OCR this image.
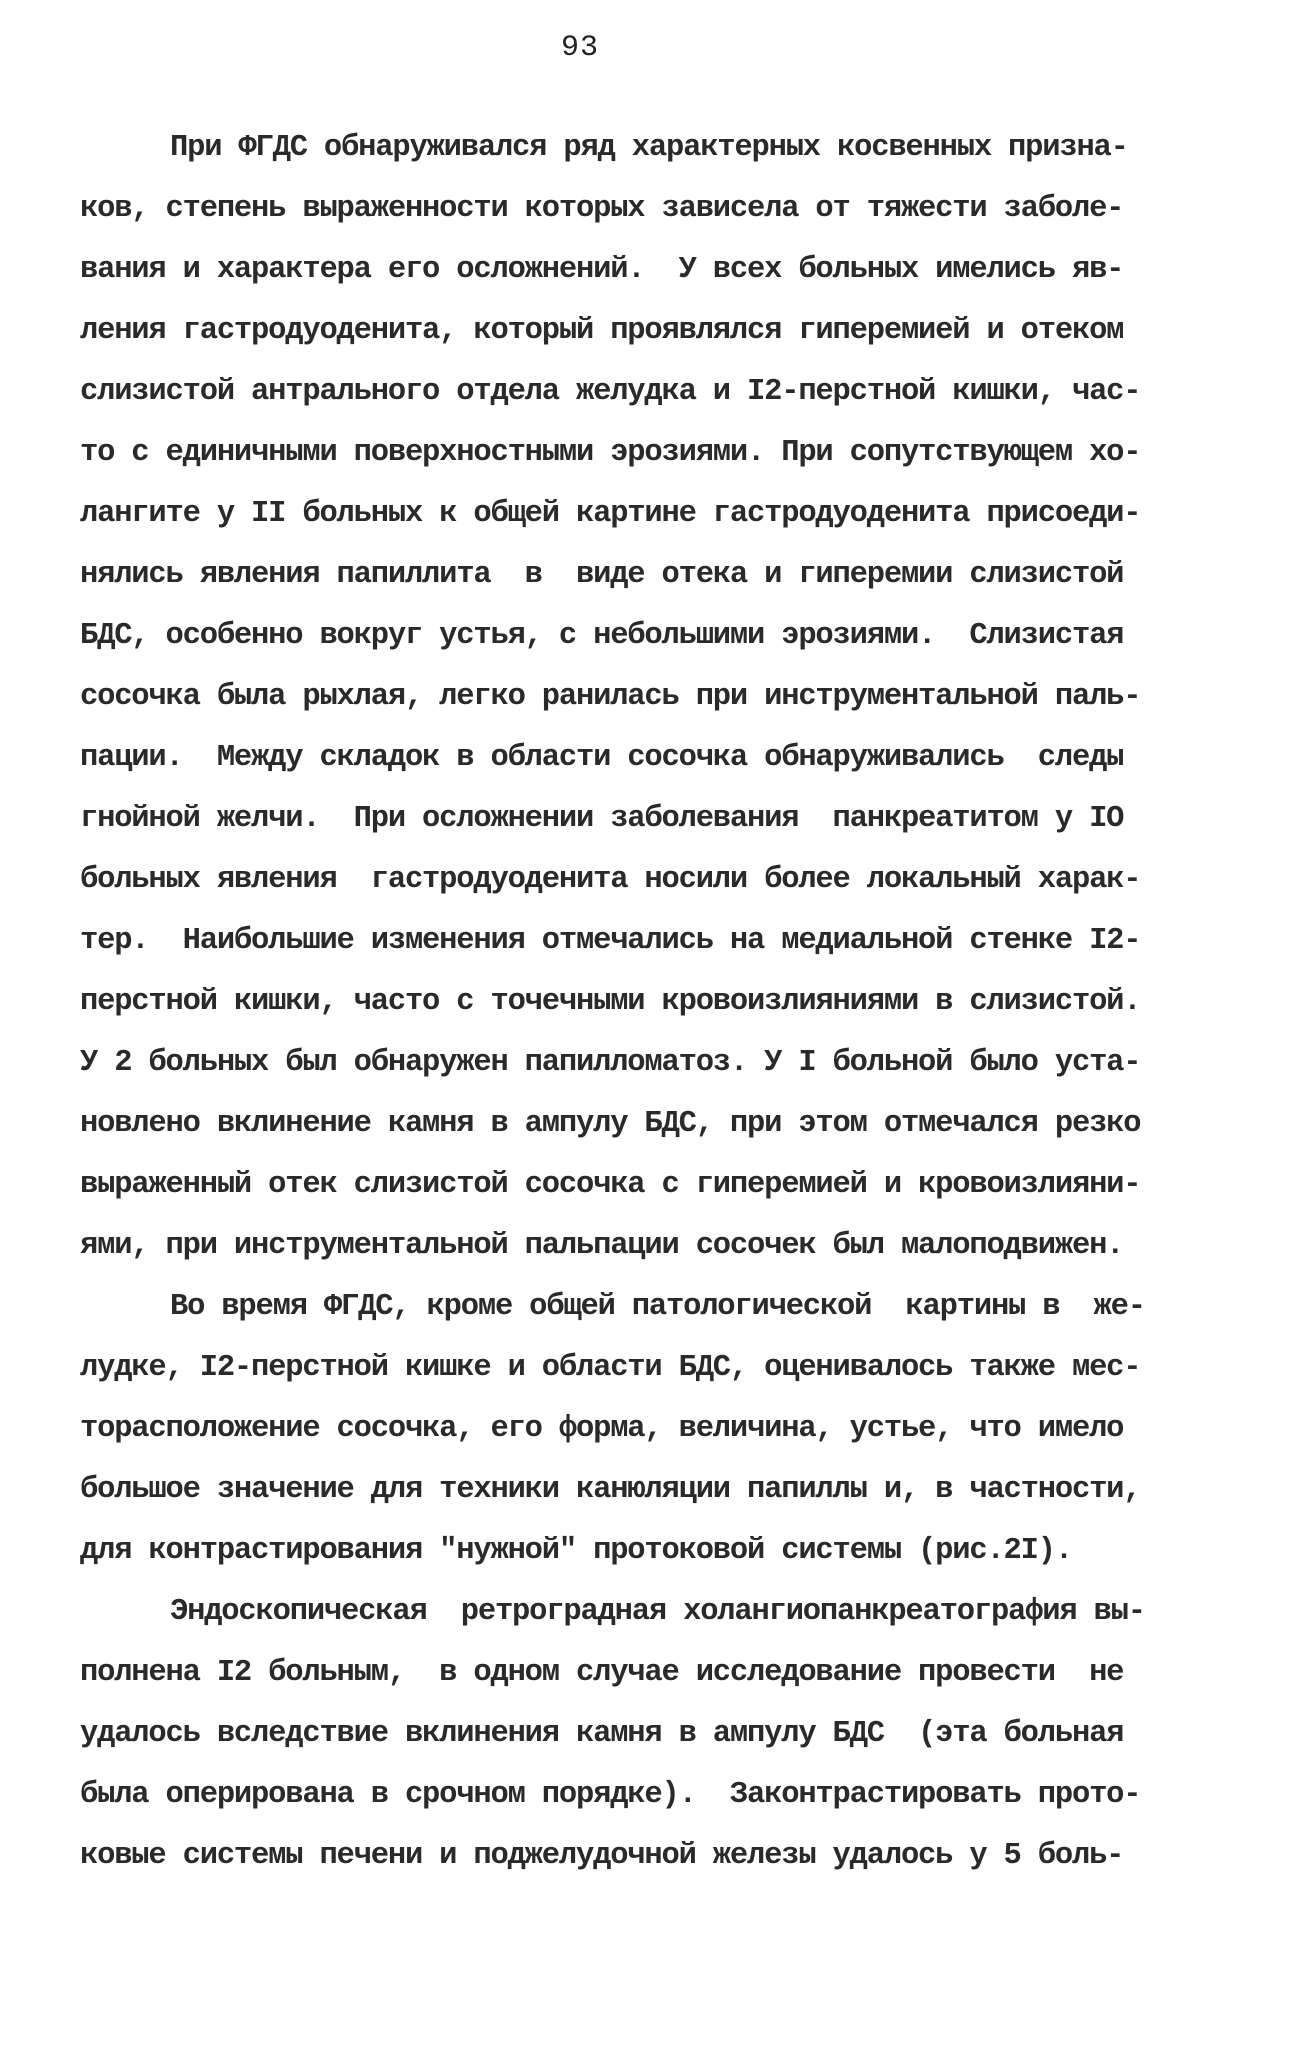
93
При ФГДС обнаруживался ряд характерных косвенных призна-
ков, степень выраженности которых зависела от тяжести заболе-
вания и характера его осложнений.  У всех больных имелись яв-
ления гастродуоденита, который проявлялся гиперемией и отеком
слизистой антрального отдела желудка и I2-перстной кишки, час-
то с единичными поверхностными эрозиями. При сопутствующем хо-
лангите у II больных к общей картине гастродуоденита присоеди-
нялись явления папиллита  в  виде отека и гиперемии слизистой
БДС, особенно вокруг устья, с небольшими эрозиями.  Слизистая
сосочка была рыхлая, легко ранилась при инструментальной паль-
пации.  Между складок в области сосочка обнаруживались  следы
гнойной желчи.  При осложнении заболевания  панкреатитом у IO
больных явления  гастродуоденита носили более локальный харак-
тер.  Наибольшие изменения отмечались на медиальной стенке I2-
перстной кишки, часто с точечными кровоизлияниями в слизистой.
У 2 больных был обнаружен папилломатоз. У I больной было уста-
новлено вклинение камня в ампулу БДС, при этом отмечался резко
выраженный отек слизистой сосочка с гиперемией и кровоизлияни-
ями, при инструментальной пальпации сосочек был малоподвижен.
Во время ФГДС, кроме общей патологической  картины в  же-
лудке, I2-перстной кишке и области БДС, оценивалось также мес-
торасположение сосочка, его форма, величина, устье, что имело
большое значение для техники канюляции папиллы и, в частности,
для контрастирования "нужной" протоковой системы (рис.2I).
Эндоскопическая  ретроградная холангиопанкреатография вы-
полнена I2 больным,  в одном случае исследование провести  не
удалось вследствие вклинения камня в ампулу БДС  (эта больная
была оперирована в срочном порядке).  Законтрастировать прото-
ковые системы печени и поджелудочной железы удалось у 5 боль-
